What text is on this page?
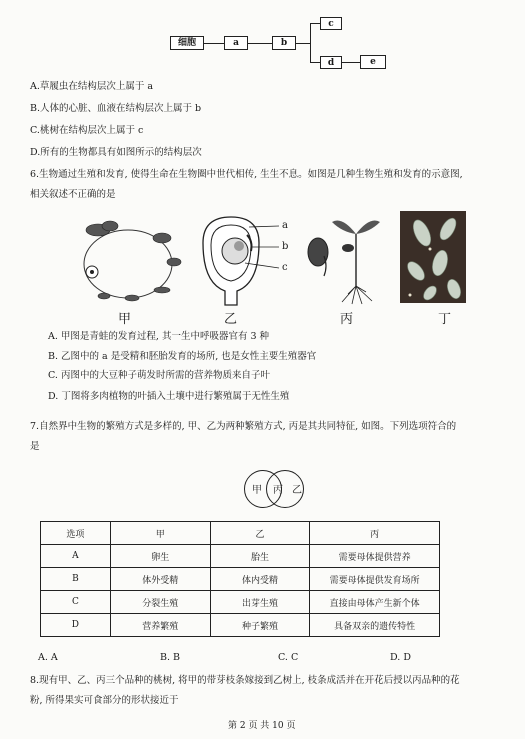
细胞	a	b
c
d	e
A.草履虫在结构层次上属于 a
B.人体的心脏、血液在结构层次上属于 b
C.桃树在结构层次上属于 c
D.所有的生物都具有如图所示的结构层次
6.生物通过生殖和发育, 使得生命在生物圈中世代相传, 生生不息。如图是几种生物生殖和发育的示意图,
相关叙述不正确的是
甲
a
b
c
乙	丙	丁
A. 甲图是青蛙的发育过程, 其一生中呼吸器官有 3 种
B. 乙图中的 a 是受精和胚胎发育的场所, 也是女性主要生殖器官
C. 丙图中的大豆种子萌发时所需的营养物质来自子叶
D. 丁图将多肉植物的叶插入土壤中进行繁殖属于无性生殖
7.自然界中生物的繁殖方式是多样的, 甲、乙为两种繁殖方式, 丙是其共同特征, 如图。下列选项符合的
是
甲 丙 乙
选项	甲	乙	丙
A	卵生	胎生	需要母体提供营养
B	体外受精	体内受精	需要母体提供发育场所
C	分裂生殖	出芽生殖	直接由母体产生新个体
D	营养繁殖	种子繁殖	具备双亲的遗传特性
A. A	B. B	C. C	D. D
8.现有甲、乙、丙三个品种的桃树, 将甲的带芽枝条嫁接到乙树上, 枝条成活并在开花后授以丙品种的花
粉, 所得果实可食部分的形状接近于
第 2 页 共 10 页
